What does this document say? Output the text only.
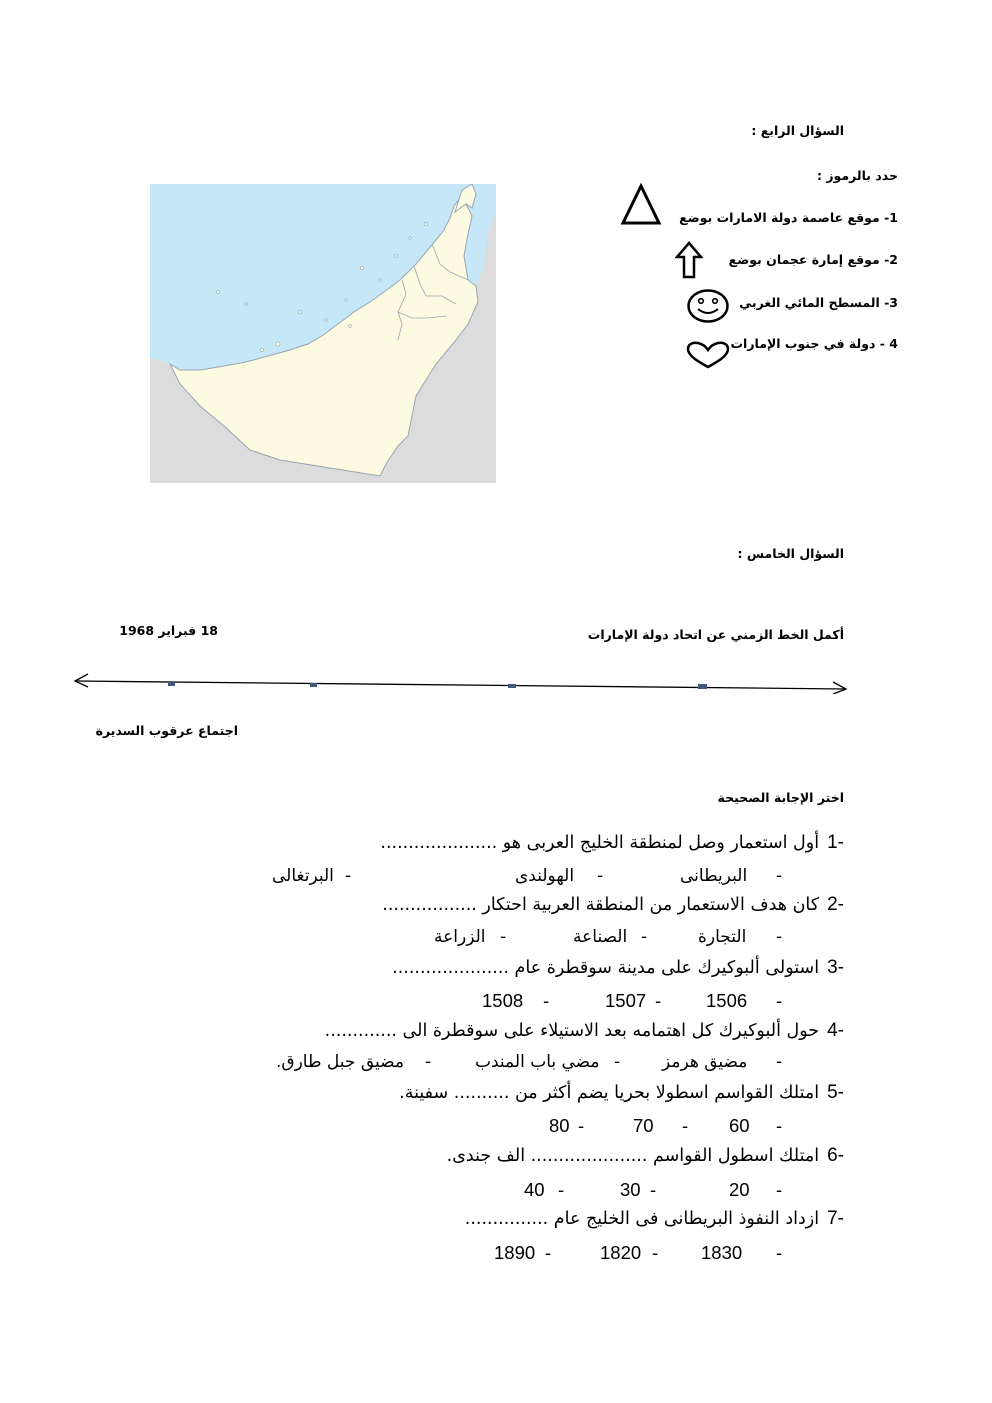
السؤال الرابع :
حدد بالرموز :
1- موقع عاصمة دولة الامارات بوضع
2- موقع إمارة عجمان بوضع
3- المسطح المائي الغربي
4 - دولة في جنوب الإمارات
السؤال الخامس :
أكمل الخط الزمني عن اتحاد دولة الإمارات
18 فبراير 1968
اجتماع عرقوب السديرة
اختر الإجابة الصحيحة
1-
أول استعمار وصل لمنطقة الخليج العربى هو .....................
-
البريطانى
-
الهولندى
-
البرتغالى
2-
كان هدف الاستعمار من المنطقة العربية احتكار .................
-
التجارة
-
الصناعة
-
الزراعة
3-
استولى ألبوكيرك على مدينة سوقطرة عام .....................
-
1506
-
1507
-
1508
4-
حول ألبوكيرك كل اهتمامه بعد الاستيلاء على سوقطرة الى .............
-
مضيق هرمز
-
مضي باب المندب
-
مضيق جبل طارق.
5-
امتلك القواسم اسطولا بحريا يضم أكثر من .......... سفينة.
-
60
-
70
-
80
6-
امتلك اسطول القواسم ..................... الف جندى.
-
20
-
30
-
40
7-
ازداد النفوذ البريطانى فى الخليج عام ...............
-
1830
-
1820
-
1890
